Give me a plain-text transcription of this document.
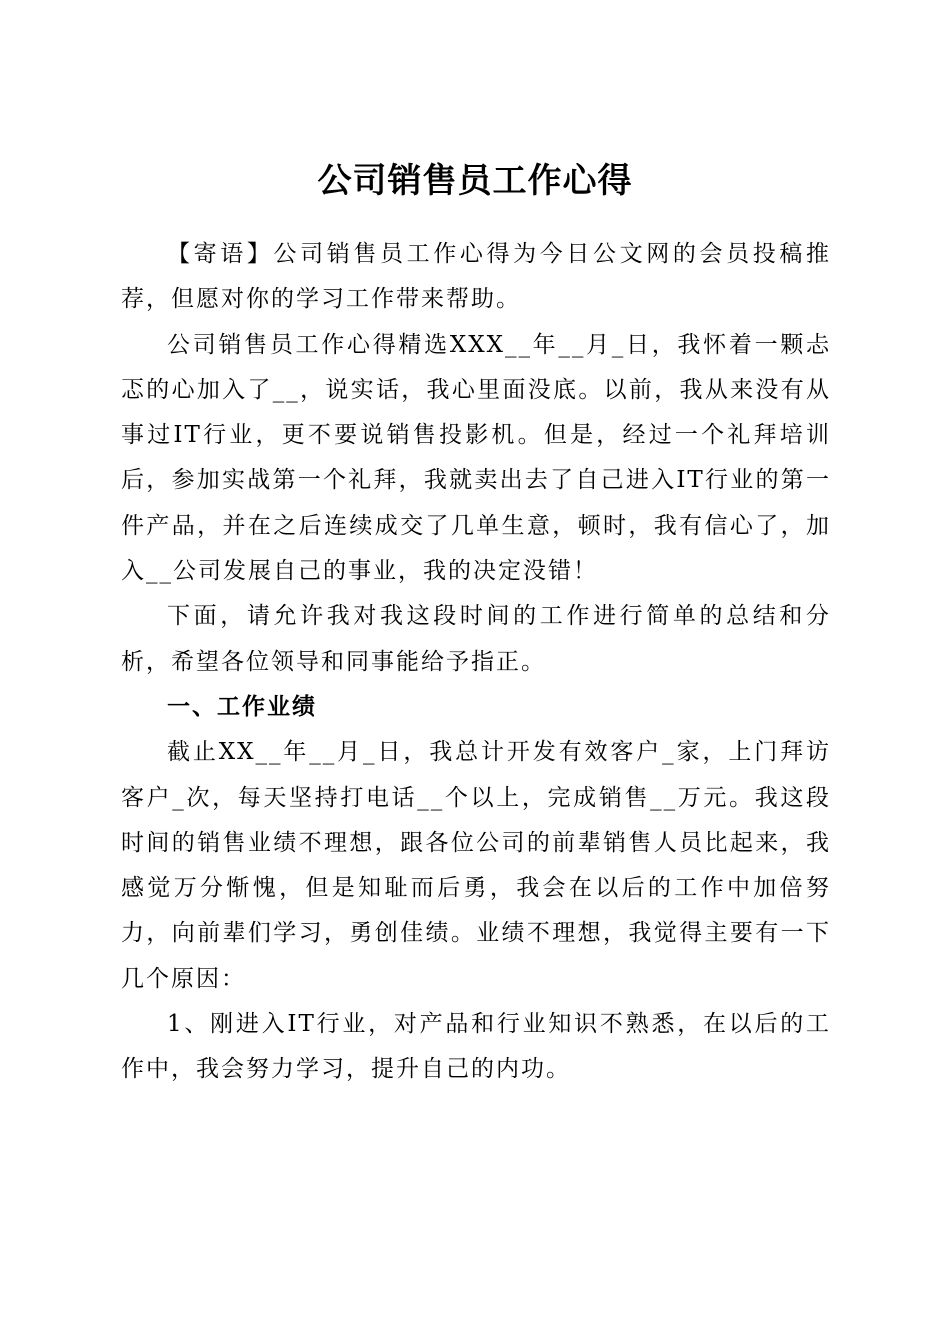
公司销售员工作心得

【寄语】公司销售员工作心得为今日公文网的会员投稿推荐，但愿对你的学习工作带来帮助。

公司销售员工作心得精选XXX__年__月_日，我怀着一颗忐忑的心加入了__，说实话，我心里面没底。以前，我从来没有从事过IT行业，更不要说销售投影机。但是，经过一个礼拜培训后，参加实战第一个礼拜，我就卖出去了自己进入IT行业的第一件产品，并在之后连续成交了几单生意，顿时，我有信心了，加入__公司发展自己的事业，我的决定没错！

下面，请允许我对我这段时间的工作进行简单的总结和分析，希望各位领导和同事能给予指正。

一、工作业绩

截止XX__年__月_日，我总计开发有效客户_家，上门拜访客户_次，每天坚持打电话__个以上，完成销售__万元。我这段时间的销售业绩不理想，跟各位公司的前辈销售人员比起来，我感觉万分惭愧，但是知耻而后勇，我会在以后的工作中加倍努力，向前辈们学习，勇创佳绩。业绩不理想，我觉得主要有一下几个原因：

1、刚进入IT行业，对产品和行业知识不熟悉，在以后的工作中，我会努力学习，提升自己的内功。
